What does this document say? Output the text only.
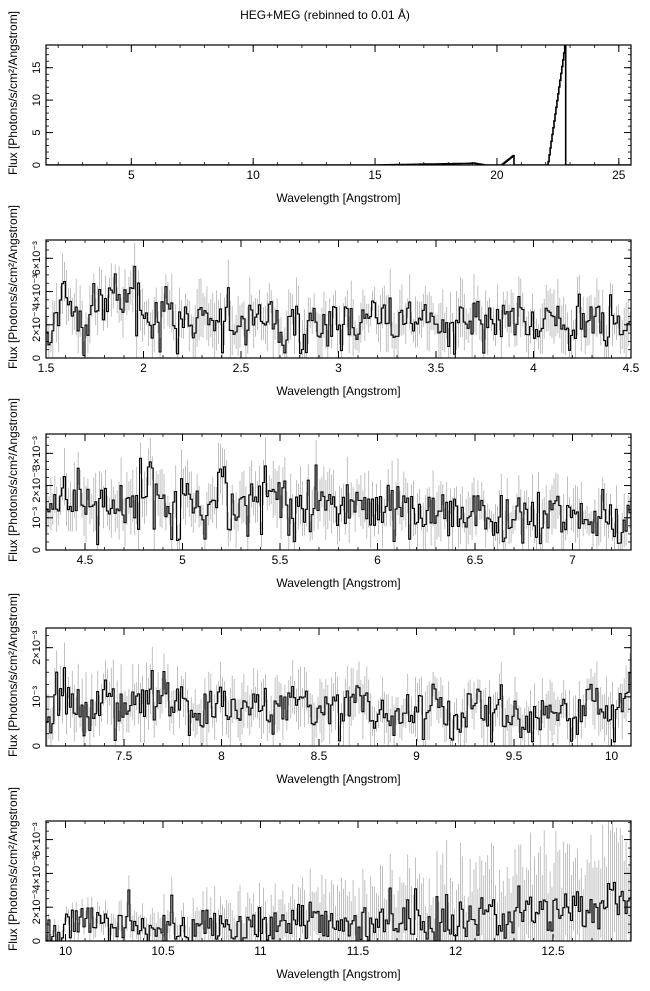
HEG+MEG (rebinned to 0.01 Å)
5	10	15	20	25
0
5
10
15
Wavelength [Angstrom]
Flux [Photons/s/cm²/Angstrom]
1.5	2	2.5	3	3.5	4	4.5
0
2×10⁻³
4×10⁻³
6×10⁻³
Wavelength [Angstrom]
Flux [Photons/s/cm²/Angstrom]
4.5	5	5.5	6	6.5	7
0
10⁻³
2×10⁻³
3×10⁻³
Wavelength [Angstrom]
Flux [Photons/s/cm²/Angstrom]
7.5	8	8.5	9	9.5	10
0
10⁻³
2×10⁻³
Wavelength [Angstrom]
Flux [Photons/s/cm²/Angstrom]
10	10.5	11	11.5	12	12.5
0
2×10⁻³
4×10⁻³
6×10⁻³
Wavelength [Angstrom]
Flux [Photons/s/cm²/Angstrom]
